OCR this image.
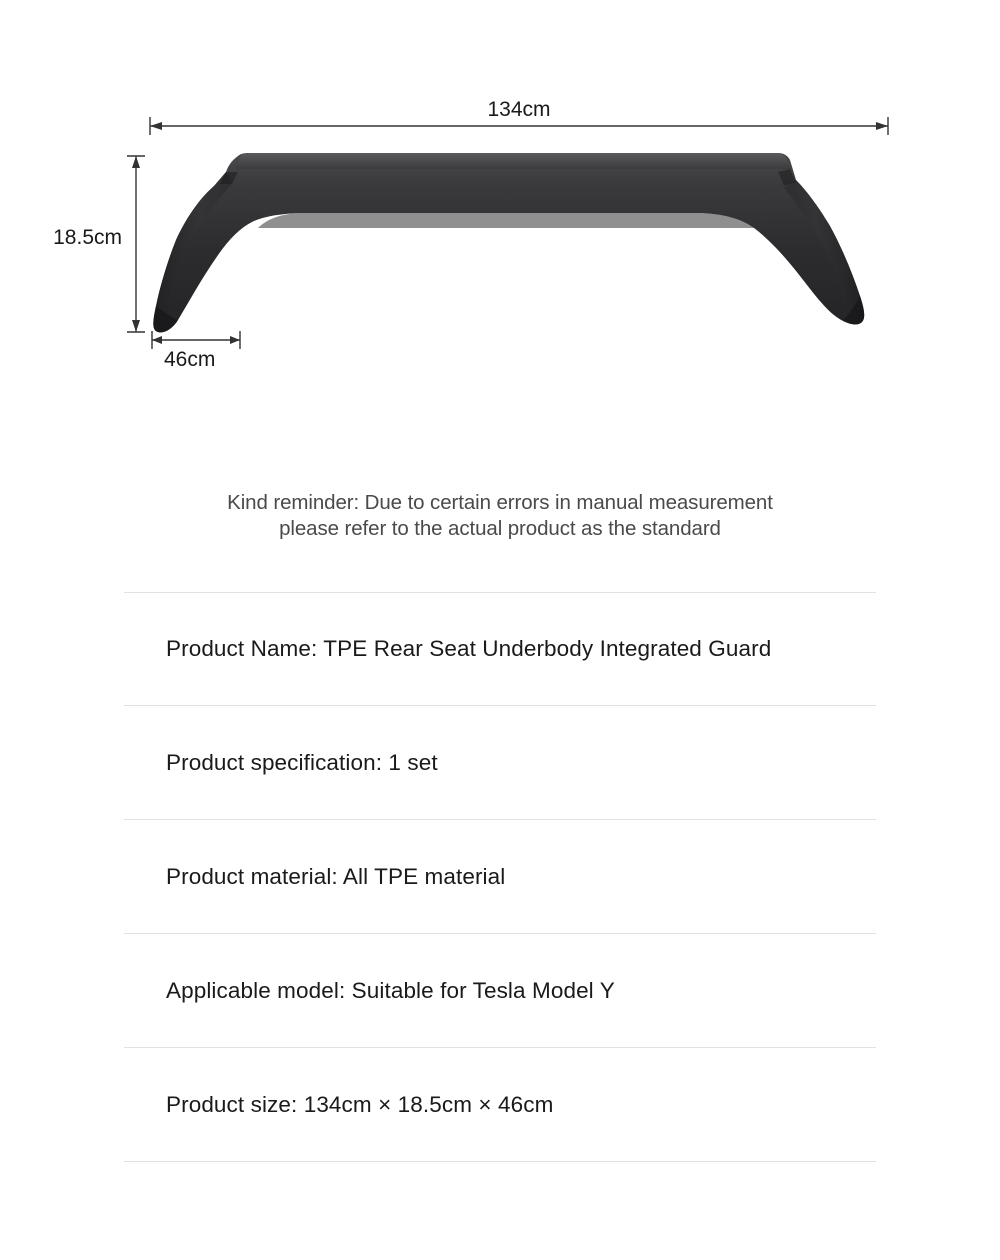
134cm
18.5cm
46cm
Kind reminder: Due to certain errors in manual measurement
please refer to the actual product as the standard
Product Name: TPE Rear Seat Underbody Integrated Guard
Product specification: 1 set
Product material: All TPE material
Applicable model: Suitable for Tesla Model Y
Product size: 134cm × 18.5cm × 46cm
